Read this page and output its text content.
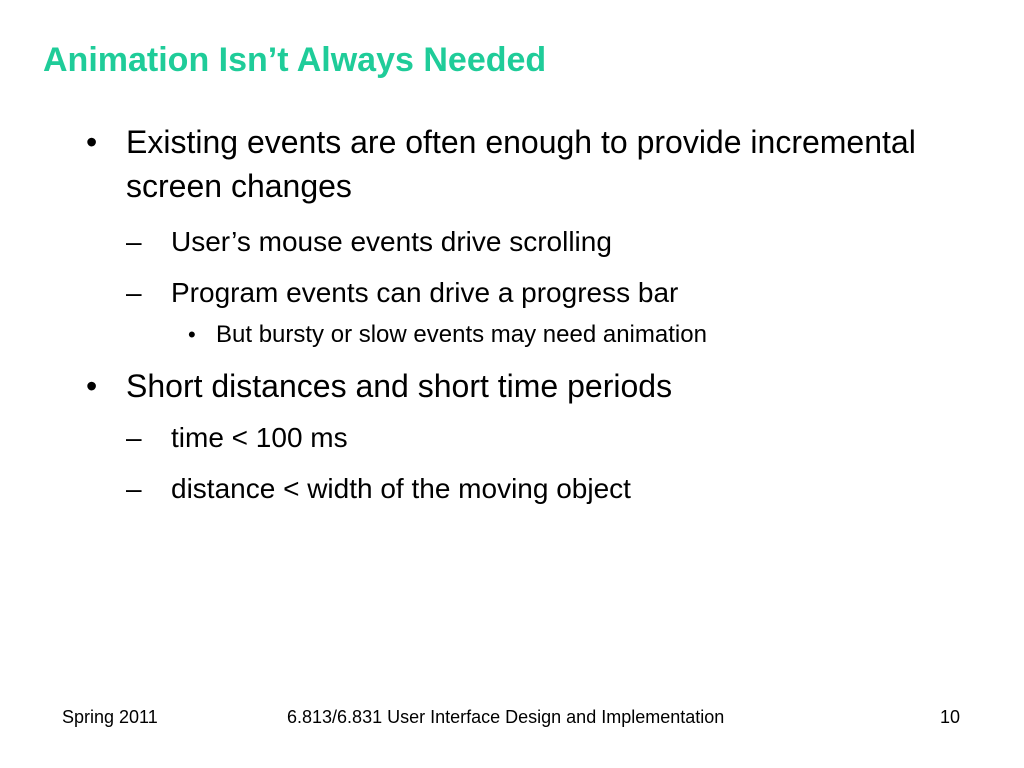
Animation Isn’t Always Needed
• Existing events are often enough to provide incremental screen changes
–	User’s mouse events drive scrolling
–	Program events can drive a progress bar
• But bursty or slow events may need animation
• Short distances and short time periods
–	time < 100 ms
–	distance < width of the moving object
Spring 2011	6.813/6.831 User Interface Design and Implementation	10
